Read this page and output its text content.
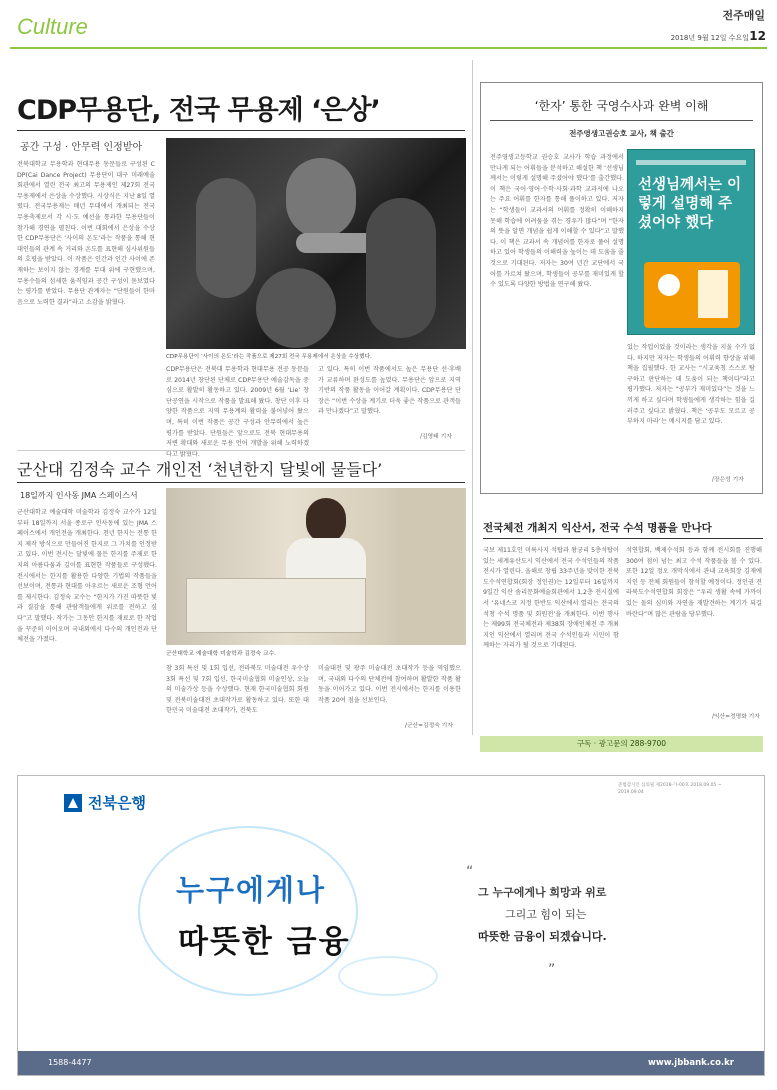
Culture	전주매일
2018년 9월 12일 수요일 12
CDP무용단, 전국 무용제 ‘은상’
공간 구성 · 안무력 인정받아
전북대학교 무용학과 현대무용 동문들로 구성된 CDP(Cai Dance Project) 무용단이 대구 미래예술회관에서 열린 전국 최고의 무용제인 제27회 전국무용제에서 은상을 수상했다. 시상식은 지난 8일 열렸다. 전국무용제는 매년 무대에서 개최되는 전국 무용축제로서 각 시·도 예선을 통과한 무용단들이 참가해 경연을 펼친다. 이번 대회에서 은상을 수상한 CDP무용단은 ‘사이의 온도’라는 작품을 통해 현대인들의 관계 속 거리와 온도를 표현해 심사위원들의 호평을 받았다. 이 작품은 인간과 인간 사이에 존재하는 보이지 않는 경계를 무대 위에 구현했으며, 무용수들의 섬세한 움직임과 공간 구성이 돋보였다는 평가를 받았다. 무용단 관계자는 “단원들이 한마음으로 노력한 결과”라고 소감을 밝혔다.
CDP무용단이 ‘사이의 온도’라는 작품으로 제27회 전국 무용제에서 은상을 수상했다.
CDP무용단은 전북대 무용학과 현대무용 전공 동문들로 2014년 창단된 단체로 CDP무용단 예술감독을 중심으로 활발히 활동하고 있다. 2009년 6월 ‘Lie’ 창단공연을 시작으로 작품을 발표해 왔다. 창단 이후 다양한 작품으로 지역 무용계의 활력을 불어넣어 왔으며, 특히 이번 작품은 공간 구성과 안무력에서 높은 평가를 받았다. 단원들은 앞으로도 전북 현대무용의 저변 확대와 새로운 무용 언어 개발을 위해 노력하겠다고 밝혔다.
고 있다. 특히 이번 작품에서도 높은 무용단 선·후배가 교류하며 완성도를 높였다. 무용단은 앞으로 지역 기반의 작품 활동을 이어갈 계획이다. CDP무용단 단장은 “이번 수상을 계기로 더욱 좋은 작품으로 관객들과 만나겠다”고 말했다.
/김영태 기자
군산대 김정숙 교수 개인전 ‘천년한지 달빛에 물들다’
18일까지 인사동 JMA 스페이스서
군산대학교 예술대학 미술학과 김정숙 교수가 12일부터 18일까지 서울 종로구 인사동에 있는 JMA 스페이스에서 개인전을 개최한다. 천년 한지는 전통 한지 제작 방식으로 만들어진 한지로 그 가치를 인정받고 있다. 이번 전시는 달빛에 물든 한지를 주제로 한지의 아름다움과 깊이를 표현한 작품들로 구성됐다. 전시에서는 한지를 활용한 다양한 기법의 작품들을 선보이며, 전통과 현대를 아우르는 새로운 조형 언어를 제시한다. 김정숙 교수는 “한지가 가진 따뜻한 빛과 질감을 통해 관람객들에게 위로를 전하고 싶다”고 말했다. 작가는 그동안 한지를 재료로 한 작업을 꾸준히 이어오며 국내외에서 다수의 개인전과 단체전을 가졌다.
군산대학교 예술대학 미술학과 김정숙 교수.
참 3회 특선 및 1회 입선, 전라북도 미술대전 우수상 3회 특선 및 7회 입선, 한국미술협회 미술인상, 오늘의 미술가상 등을 수상했다. 현재 한국미술협회 회원 및 전북미술대전 초대작가로 활동하고 있다. 또한 대한민국 미술대전 초대작가, 전북도
미술대전 및 광주 미술대전 초대작가 등을 역임했으며, 국내외 다수의 단체전에 참여하며 활발한 작품 활동을 이어가고 있다. 이번 전시에서는 한지를 이용한 작품 20여 점을 선보인다.
/군산=김정숙 기자
‘한자’ 통한 국영수사과 완벽 이해
전주영생고권승호 교사, 책 출간
전주영생고등학교 권승호 교사가 학습 과정에서 만나게 되는 어휘들을 분석하고 해설한 책 ‘선생님께서는 이렇게 설명해 주셨어야 했다’를 출간했다. 이 책은 국어·영어·수학·사회·과학 교과서에 나오는 주요 어휘를 한자를 통해 풀이하고 있다. 저자는 “학생들이 교과서의 어휘를 정확히 이해하지 못해 학습에 어려움을 겪는 경우가 많다”며 “한자의 뜻을 알면 개념을 쉽게 이해할 수 있다”고 말했다. 이 책은 교과서 속 개념어를 한자로 풀어 설명하고 있어 학생들의 이해력을 높이는 데 도움을 줄 것으로 기대된다. 저자는 30여 년간 교단에서 국어를 가르쳐 왔으며, 학생들이 공부를 재미있게 할 수 있도록 다양한 방법을 연구해 왔다.
선생님께서는 이렇게 설명해 주셨어야 했다
있는 작업이었을 것이라는 생각을 지울 수가 없다. 하지만 저자는 학생들의 어휘력 향상을 위해 책을 집필했다. 한 교사는 “시교육청 스스로 탐구하고 판단하는 데 도움이 되는 책이다”라고 평가했다. 저자는 “공부가 재미있다”는 것을 느끼게 하고 싶다며 학생들에게 생각하는 힘을 길러주고 싶다고 밝혔다. 책은 ‘공부도 모르고 공부하지 마라’는 메시지를 담고 있다.
/장은성 기자
전국체전 개최지 익산서, 전국 수석 명품을 만나다
국보 제11호인 미륵사지 석탑과 왕궁리 5층석탑이 있는 세계유산도시 익산에서 전국 수석인들의 작품 전시가 열린다. 올해로 창립 33주년을 맞이한 전북도수석연합회(회장 정인권)는 12일부터 16일까지 9일간 익산 솜리문화예술회관에서 1,2층 전시실에서 ‘유네스코 지정 한반도 익산에서 열리는 전국의 석청 수석 명품 및 회원전’을 개최한다. 이번 행사는 제99회 전국체전과 제38회 장애인체전 주 개최지인 익산에서 열리며 전국 수석인들과 시민이 함께하는 자리가 될 것으로 기대된다.
석연합회, 백제수석회 등과 함께 전시회를 진행해 300여 점이 넘는 최고 수석 작품들을 볼 수 있다. 또한 12일 정오 개막식에서 관내 교육회장 김재에 지인 등 전체 회원들이 참석할 예정이다. 정인권 전라북도수석연합회 회장은 “우리 생활 속에 가까이 있는 돌의 심미와 자연을 재발견하는 계기가 되길 바란다”며 많은 관람을 당부했다.
/익산=정명화 기자
구독 · 광고문의 288-9700
전북은행
준법감시인 심의필 제2018-가-00호 2018.09.05 ~ 2019.09.04
누구에게나
따뜻한 금융
“
그 누구에게나 희망과 위로
그리고 힘이 되는
따뜻한 금융이 되겠습니다.
”
1588-4477	www.jbbank.co.kr
